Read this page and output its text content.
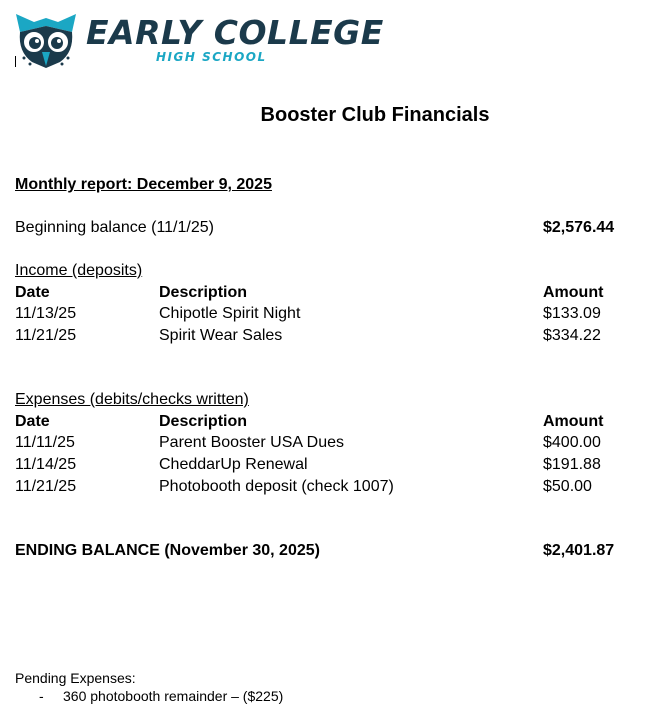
EARLY COLLEGE
HIGH SCHOOL
Booster Club Financials
Monthly report: December 9, 2025
Beginning balance (11/1/25)	$2,576.44
Income (deposits)
Date	Description	Amount
11/13/25	Chipotle Spirit Night	$133.09
11/21/25	Spirit Wear Sales	$334.22
Expenses (debits/checks written)
Date	Description	Amount
11/11/25	Parent Booster USA Dues	$400.00
11/14/25	CheddarUp Renewal	$191.88
11/21/25	Photobooth deposit (check 1007)	$50.00
ENDING BALANCE (November 30, 2025)	$2,401.87
Pending Expenses:
- 360 photobooth remainder – ($225)
